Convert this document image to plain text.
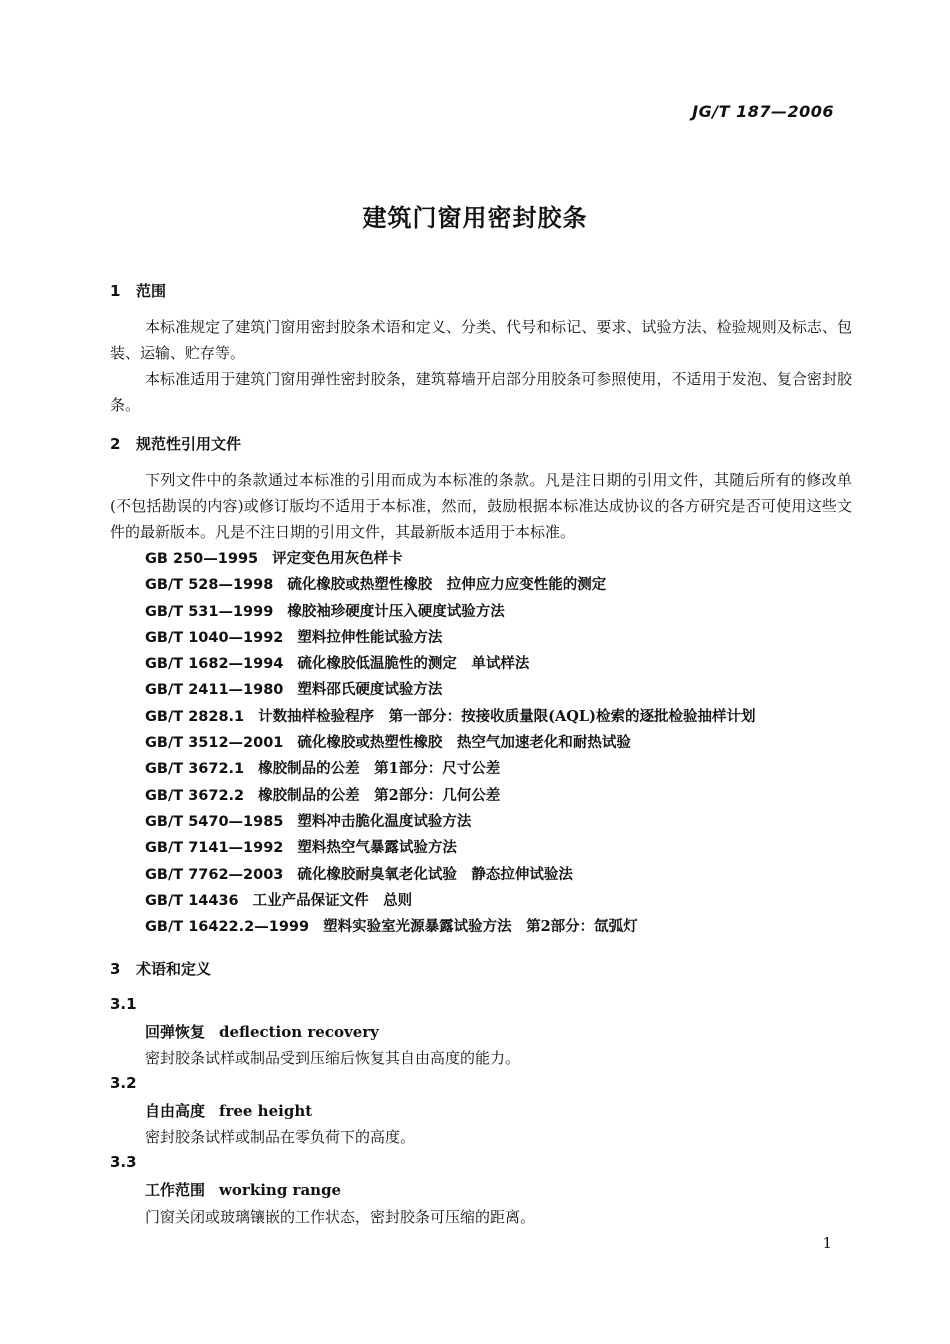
JG/T 187—2006
建筑门窗用密封胶条
1 范围
本标准规定了建筑门窗用密封胶条术语和定义、分类、代号和标记、要求、试验方法、检验规则及标志、包装、运输、贮存等。
本标准适用于建筑门窗用弹性密封胶条，建筑幕墙开启部分用胶条可参照使用，不适用于发泡、复合密封胶条。
2 规范性引用文件
下列文件中的条款通过本标准的引用而成为本标准的条款。凡是注日期的引用文件，其随后所有的修改单(不包括勘误的内容)或修订版均不适用于本标准，然而，鼓励根据本标准达成协议的各方研究是否可使用这些文件的最新版本。凡是不注日期的引用文件，其最新版本适用于本标准。
GB 250—1995 评定变色用灰色样卡
GB/T 528—1998 硫化橡胶或热塑性橡胶　拉伸应力应变性能的测定
GB/T 531—1999 橡胶袖珍硬度计压入硬度试验方法
GB/T 1040—1992 塑料拉伸性能试验方法
GB/T 1682—1994 硫化橡胶低温脆性的测定　单试样法
GB/T 2411—1980 塑料邵氏硬度试验方法
GB/T 2828.1 计数抽样检验程序　第一部分：按接收质量限(AQL)检索的逐批检验抽样计划
GB/T 3512—2001 硫化橡胶或热塑性橡胶　热空气加速老化和耐热试验
GB/T 3672.1 橡胶制品的公差　第1部分：尺寸公差
GB/T 3672.2 橡胶制品的公差　第2部分：几何公差
GB/T 5470—1985 塑料冲击脆化温度试验方法
GB/T 7141—1992 塑料热空气暴露试验方法
GB/T 7762—2003 硫化橡胶耐臭氧老化试验　静态拉伸试验法
GB/T 14436 工业产品保证文件　总则
GB/T 16422.2—1999 塑料实验室光源暴露试验方法　第2部分：氙弧灯
3 术语和定义
3.1
回弹恢复 deflection recovery
密封胶条试样或制品受到压缩后恢复其自由高度的能力。
3.2
自由高度 free height
密封胶条试样或制品在零负荷下的高度。
3.3
工作范围 working range
门窗关闭或玻璃镶嵌的工作状态，密封胶条可压缩的距离。
1
